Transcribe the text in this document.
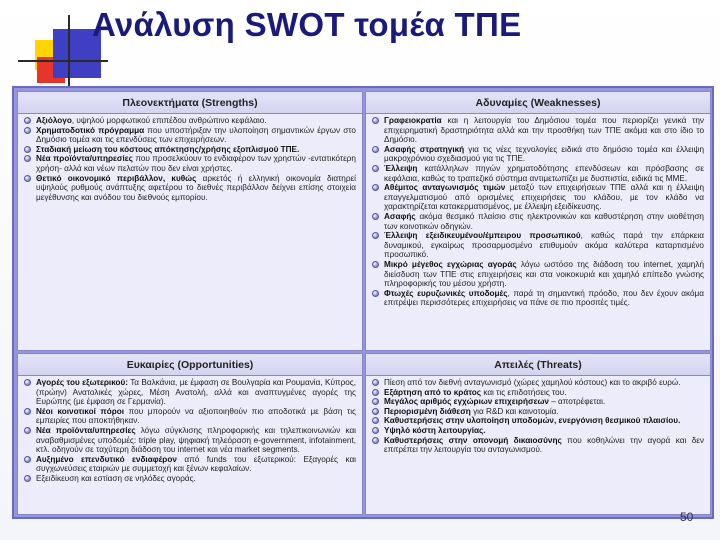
Ανάλυση SWOT τομέα ΤΠΕ
Πλεονεκτήματα (Strengths)
Αξιόλογο, υψηλού μορφωτικού επιπέδου ανθρώπινο κεφάλαιο.
Χρηματοδοτικό πρόγραμμα που υποστήριξαν την υλοποίηση σημαντικών έργων στο Δημόσιο τομέα και τις επενδύσεις των επιχειρήσεων.
Σταδιακή μείωση του κόστους απόκτησης/χρήσης εξοπλισμού ΤΠΕ.
Νέα προϊόντα/υπηρεσίες που προσελκύουν το ενδιαφέρον των χρηστών -εντατικότερη χρήση- αλλά και νέων πελατών που δεν είναι χρήστες.
Θετικό οικονομικό περιβάλλον, κυθώς αρκετός ή ελληνική οικονομία διατηρεί υψηλούς ρυθμούς ανάπτυξης αφετέρου το διεθνές περιβάλλον δείχνει επίσης στοιχεία μεγέθυνσης και ανόδου του διεθνούς εμπορίου.
Αδυναμίες (Weaknesses)
Γραφειοκρατία και η λειτουργία του Δημόσιου τομέα που περιορίζει γενικά την επιχειρηματική δραστηριότητα αλλά και την προσθήκη των ΤΠΕ ακόμα και στο ίδιο το Δημόσιο.
Ασαφής στρατηγική για τις νέες τεχνολογίες ειδικά στο δημόσιο τομέα και έλλειψη μακροχρόνιου σχεδιασμού για τις ΤΠΕ.
Έλλειψη κατάλληλων πηγών χρηματοδότησης επενδύσεων και πρόσβασης σε κεφάλαια, καθώς το τραπεζικό σύστημα αντιμετωπίζει με δυσπιστία, ειδικά τις ΜΜΕ.
Αθέμιτος ανταγωνισμός τιμών μεταξύ των επιχειρήσεων ΤΠΕ αλλά και η έλλειψη επαγγελματισμού από ορισμένες επιχειρήσεις του κλάδου, με τον κλάδο να χαρακτηρίζεται κατακερματισμένος, με έλλειψη εξειδίκευσης.
Ασαφής ακόμα θεσμικό πλαίσιο στις ηλεκτρονικών και καθυστέρηση στην υιοθέτηση των κοινοτικών οδηγιών.
Έλλειψη εξειδικευμένου/έμπειρου προσωπικού, καθώς παρά την επάρκεια δυναμικού, εγκαίρως προσαρμοσμένο επιθυμούν ακόμα καλύτερα καταρτισμένο προσωπικό.
Μικρό μέγεθος εγχώριας αγοράς λόγω ωστόσο της διάδοση του internet, χαμηλή διείσδυση των ΤΠΕ στις επιχειρήσεις και στα νοικοκυριά και χαμηλό επίπεδο γνώσης πληροφορικής του μέσου χρήστη.
Φτωχές ευρυζωνικές υποδομές, παρά τη σημαντική πρόοδο, που δεν έχουν ακόμα επιτρέψει περισσότερες επιχειρήσεις να πάνε σε πιο προσιτές τιμές.
Ευκαιρίες (Opportunities)
Αγορές του εξωτερικού: Τα Βαλκάνια, με έμφαση σε Βουλγαρία και Ρουμανία, Κύπρος, (πρώην) Ανατολικές χώρες, Μέση Ανατολή, αλλά και αναπτυγμένες αγορές της Ευρώπης (με έμφαση σε Γερμανία).
Νέοι κοινοτικοί πόροι που μπορούν να αξιοποιηθούν πιο αποδοτικά με βάση τις εμπειρίες που αποκτήθηκαν.
Νέα προϊόντα/υπηρεσίες λόγω σύγκλισης πληροφορικής και τηλεπικοινωνιών και αναβαθμισμένες υποδομές: triple play, ψηφιακή τηλεόραση e-government, infotainment, κτλ. οδηγούν σε ταχύτερη διάδοση του internet και νέα market segments.
Αυξημένο επενδυτικό ενδιαφέρον από funds του εξωτερικού: Εξαγορές και συγχωνεύσεις εταιριών με συμμετοχή και ξένων κεφαλαίων.
Εξειδίκευση και εστίαση σε νηλόδες αγοράς.
Απειλές (Threats)
Πίεση από τον διεθνή ανταγωνισμό (χώρες χαμηλού κόστους) και το ακριβό ευρώ.
Εξάρτηση από το κράτος και τις επιδοτήσεις του.
Μεγάλος αριθμός εγχώριων επιχειρήσεων – αποτρέφεται.
Περιορισμένη διάθεση για R&D και καινοτομία.
Καθυστερήσεις στην υλοποίηση υποδομών, ενεργόνιση θεσμικού πλαισίου.
Υψηλό κόστη λειτουργίας.
Καθυστερήσεις στην οπονομή δικαιοσύνης που κοθηλώνει την αγορά και δεν επιτρέπει την λειτουργία του ανταγωνισμού.
50
